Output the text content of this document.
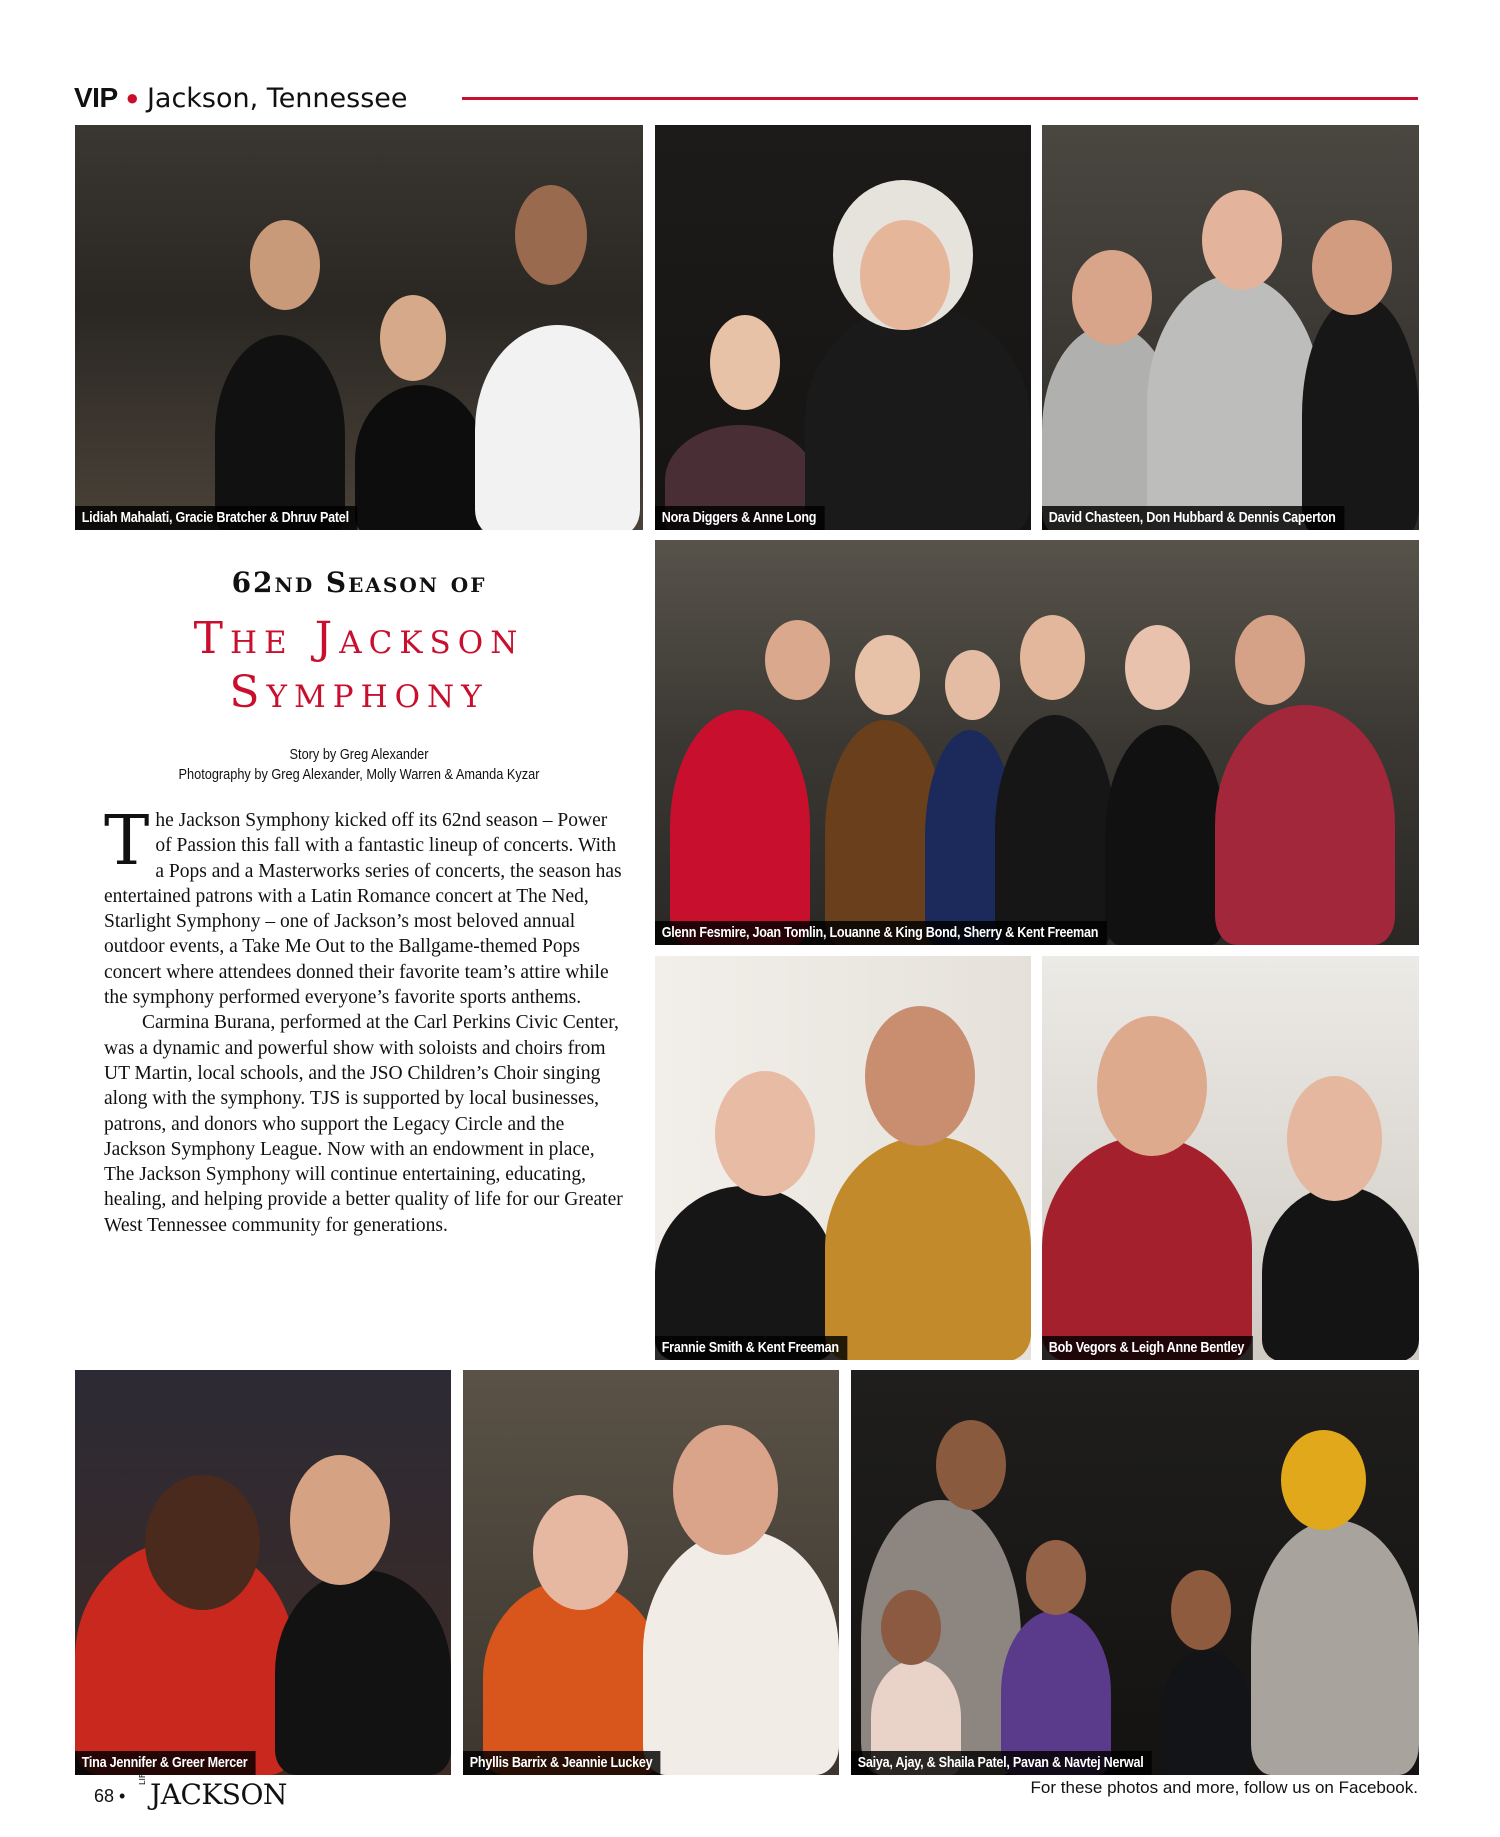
VIP ● Jackson, Tennessee
Lidiah Mahalati, Gracie Bratcher & Dhruv Patel	Nora Diggers & Anne Long	David Chasteen, Don Hubbard & Dennis Caperton
Glenn Fesmire, Joan Tomlin, Louanne & King Bond, Sherry & Kent Freeman
Frannie Smith & Kent Freeman	Bob Vegors & Leigh Anne Bentley
Tina Jennifer & Greer Mercer	Phyllis Barrix & Jeannie Luckey	Saiya, Ajay, & Shaila Patel, Pavan & Navtej Nerwal
62nd Season of
The Jackson
Symphony
Story by Greg Alexander
Photography by Greg Alexander, Molly Warren & Amanda Kyzar

The Jackson Symphony kicked off its 62nd season – Power of Passion this fall with a fantastic lineup of concerts. With a Pops and a Masterworks series of concerts, the season has entertained patrons with a Latin Romance concert at The Ned, Starlight Symphony – one of Jackson’s most beloved annual outdoor events, a Take Me Out to the Ballgame-themed Pops concert where attendees donned their favorite team’s attire while the symphony performed everyone’s favorite sports anthems.

Carmina Burana, performed at the Carl Perkins Civic Center, was a dynamic and powerful show with soloists and choirs from UT Martin, local schools, and the JSO Children’s Choir singing along with the symphony. TJS is supported by local businesses, patrons, and donors who support the Legacy Circle and the Jackson Symphony League. Now with an endowment in place, The Jackson Symphony will continue entertaining, educating, healing, and helping provide a better quality of life for our Greater West Tennessee community for generations.

68 •
LIFE
JACKSON	For these photos and more, follow us on Facebook.
